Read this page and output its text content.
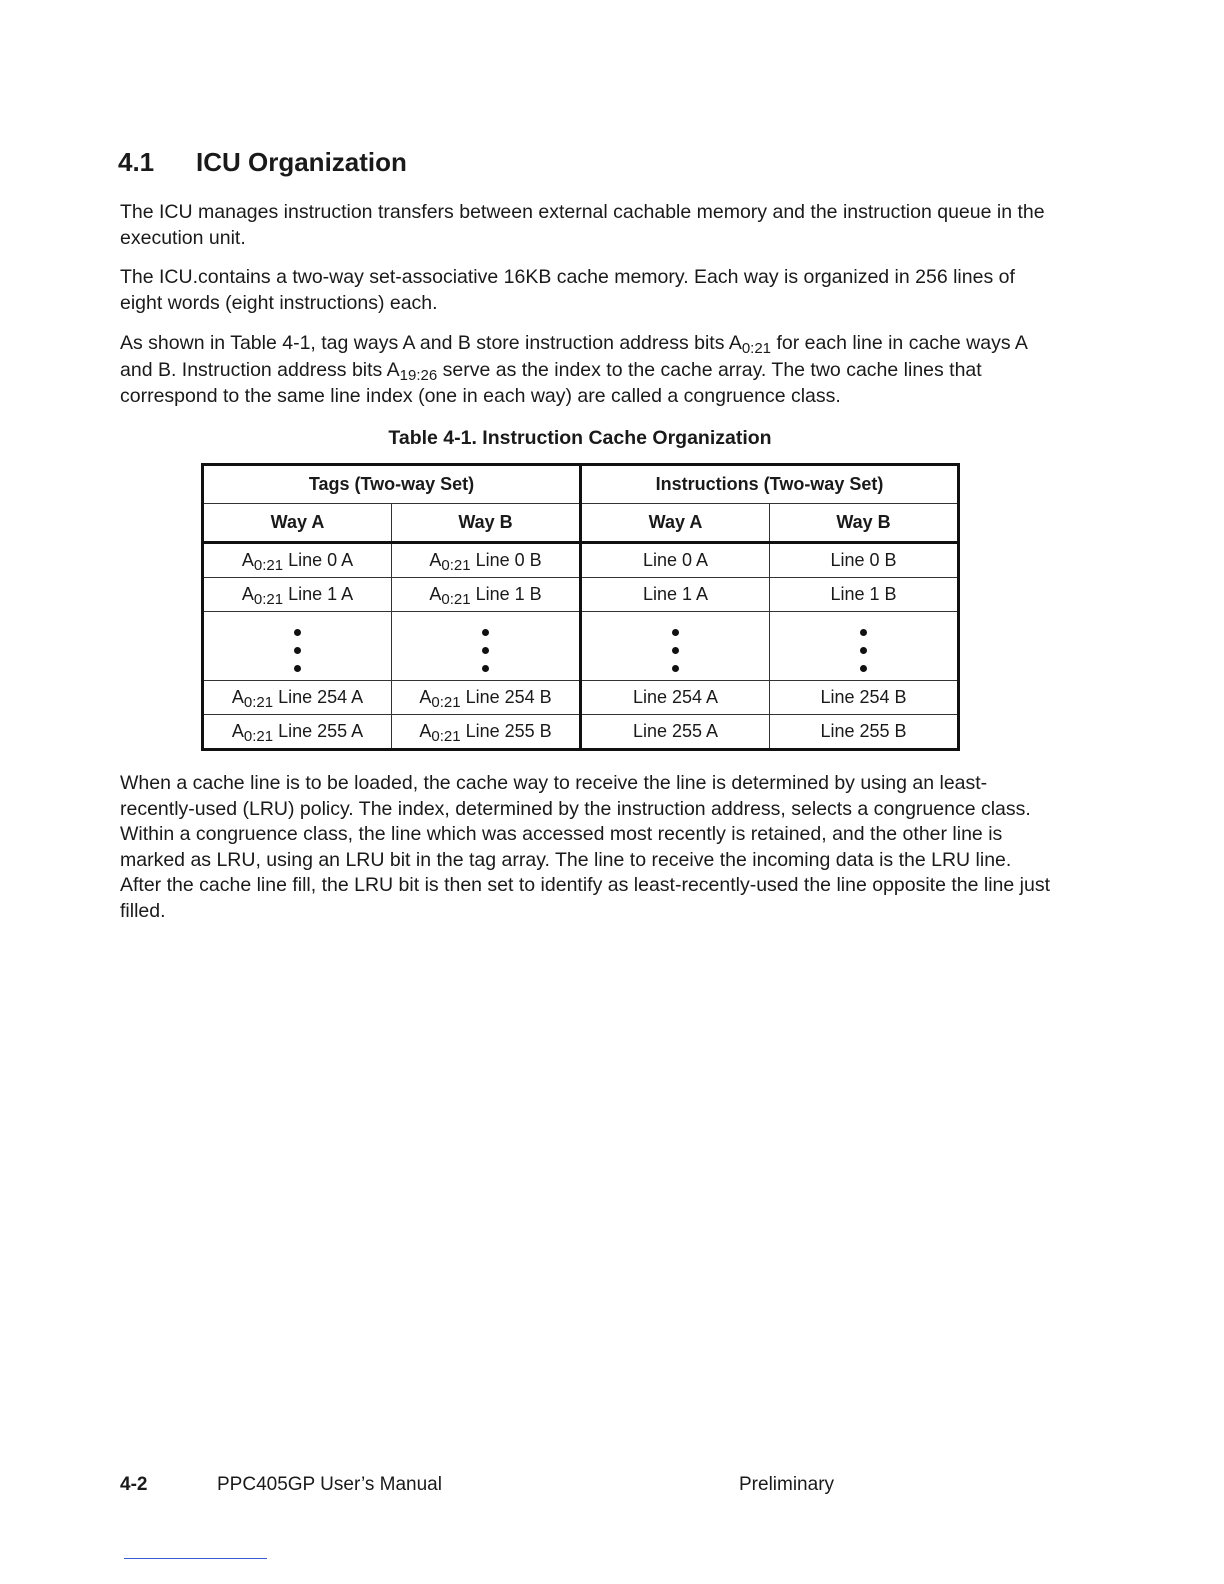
4.1 ICU Organization

The ICU manages instruction transfers between external cachable memory and the instruction queue in the execution unit.

The ICU.contains a two-way set-associative 16KB cache memory. Each way is organized in 256 lines of eight words (eight instructions) each.

As shown in Table 4-1, tag ways A and B store instruction address bits $A_{0:21}$ for each line in cache ways A and B. Instruction address bits $A_{19:26}$ serve as the index to the cache array. The two cache lines that correspond to the same line index (one in each way) are called a congruence class.

Table 4-1. Instruction Cache Organization

Tags (Two-way Set)		Instructions (Two-way Set)	
Way A	Way B	Way A	Way B
$A_{0:21}$ Line 0 A	$A_{0:21}$ Line 0 B	Line 0 A	Line 0 B
$A_{0:21}$ Line 1 A	$A_{0:21}$ Line 1 B	Line 1 A	Line 1 B

$A_{0:21}$ Line 254 A	$A_{0:21}$ Line 254 B	Line 254 A	Line 254 B
$A_{0:21}$ Line 255 A	$A_{0:21}$ Line 255 B	Line 255 A	Line 255 B

When a cache line is to be loaded, the cache way to receive the line is determined by using an least-recently-used (LRU) policy. The index, determined by the instruction address, selects a congruence class. Within a congruence class, the line which was accessed most recently is retained, and the other line is marked as LRU, using an LRU bit in the tag array. The line to receive the incoming data is the LRU line. After the cache line fill, the LRU bit is then set to identify as least-recently-used the line opposite the line just filled.

4-2	PPC405GP User’s Manual	Preliminary
